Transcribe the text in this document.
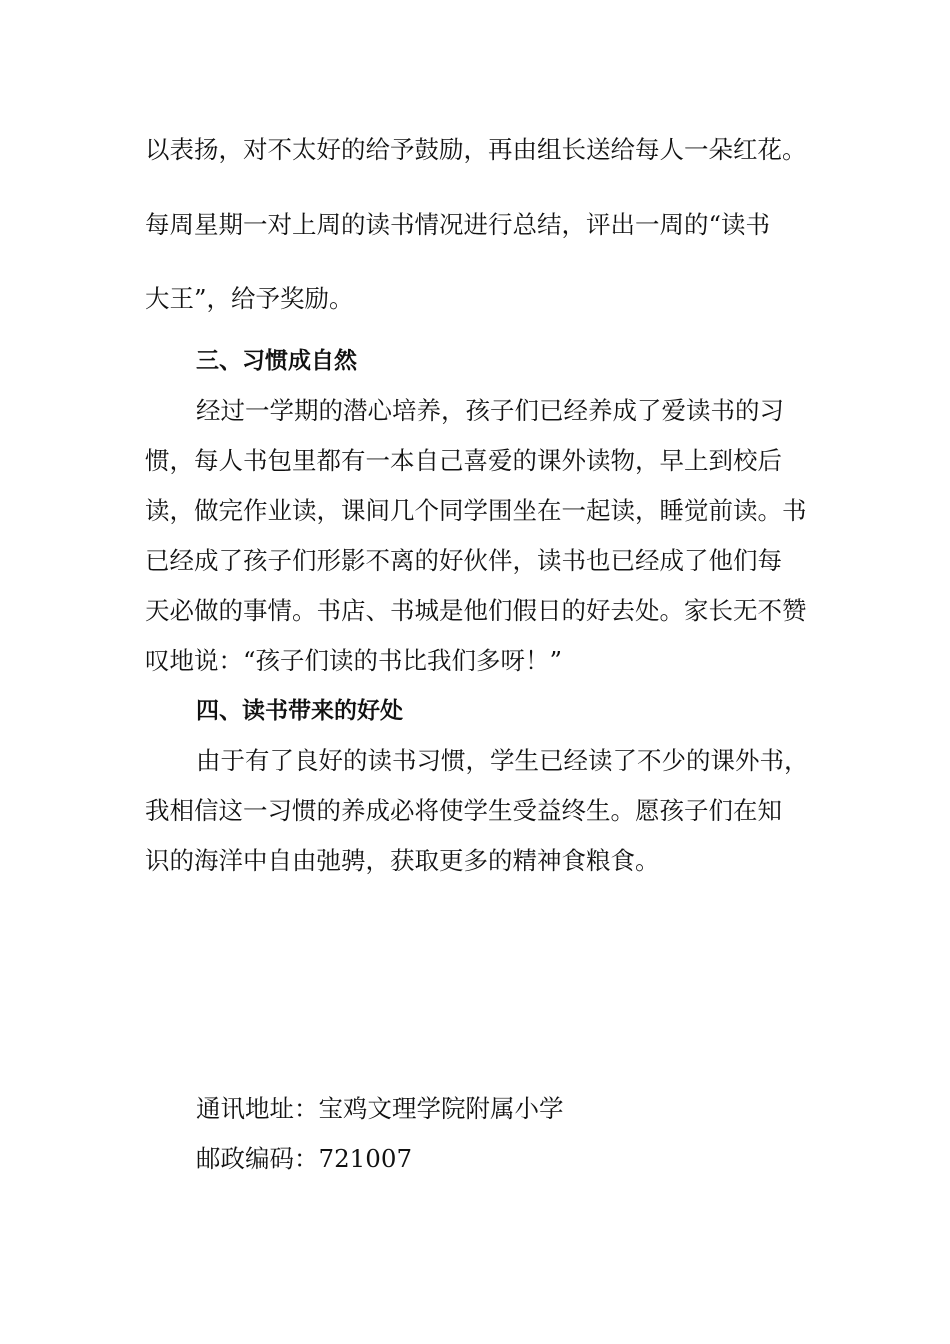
以表扬，对不太好的给予鼓励，再由组长送给每人一朵红花。
每周星期一对上周的读书情况进行总结，评出一周的“读书
大王”，给予奖励。
三、习惯成自然
经过一学期的潜心培养，孩子们已经养成了爱读书的习
惯，每人书包里都有一本自己喜爱的课外读物，早上到校后
读，做完作业读，课间几个同学围坐在一起读，睡觉前读。书
已经成了孩子们形影不离的好伙伴，读书也已经成了他们每
天必做的事情。书店、书城是他们假日的好去处。家长无不赞
叹地说：“孩子们读的书比我们多呀！”
四、读书带来的好处
由于有了良好的读书习惯，学生已经读了不少的课外书，
我相信这一习惯的养成必将使学生受益终生。愿孩子们在知
识的海洋中自由弛骋，获取更多的精神食粮食。
通讯地址：宝鸡文理学院附属小学
邮政编码：721007
